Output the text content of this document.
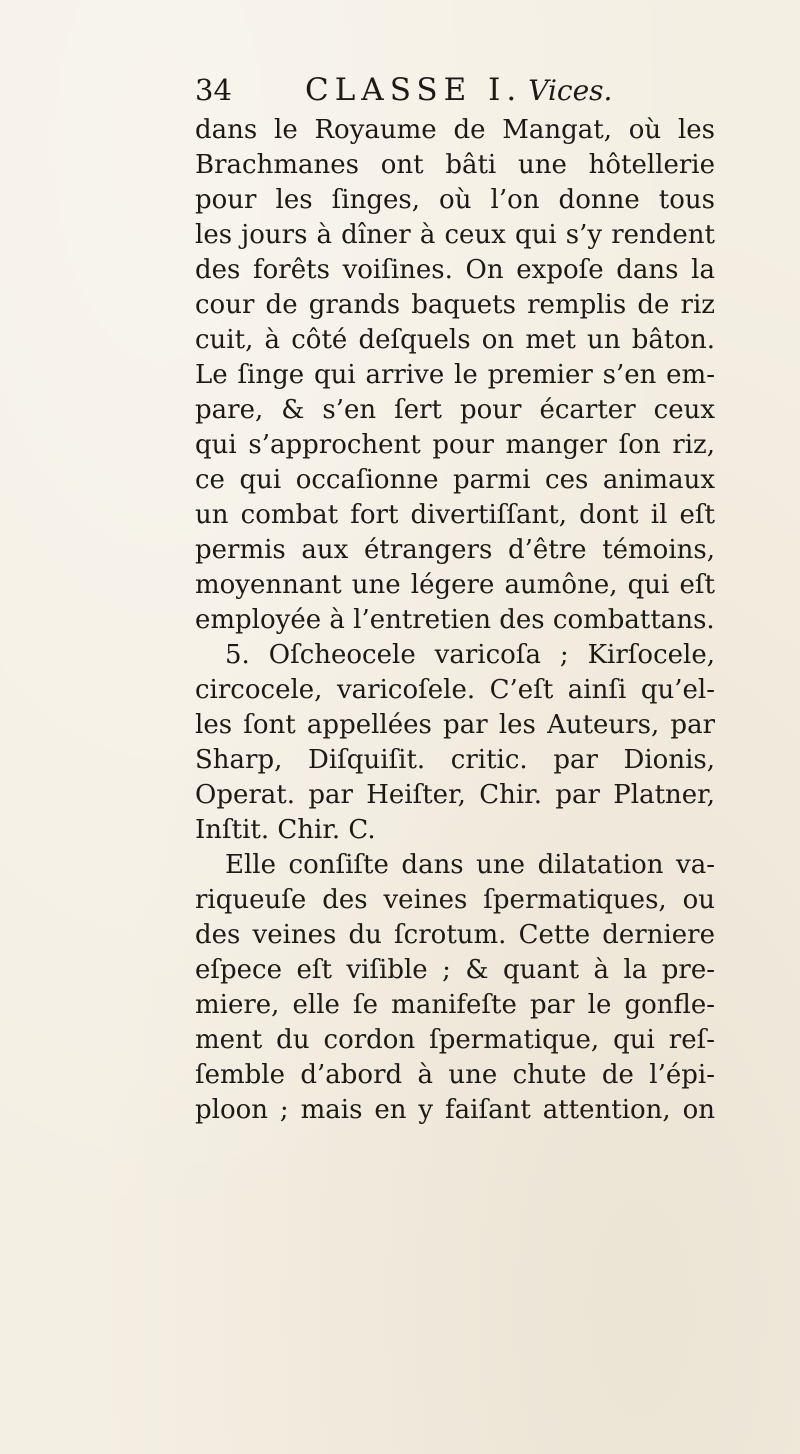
34 CLASSE I. Vices.
dans le Royaume de Mangat, où les
Brachmanes ont bâti une hôtellerie
pour les ſinges, où l’on donne tous
les jours à dîner à ceux qui s’y rendent
des forêts voiſines. On expoſe dans la
cour de grands baquets remplis de riz
cuit, à côté deſquels on met un bâton.
Le ſinge qui arrive le premier s’en em-
pare, & s’en ſert pour écarter ceux
qui s’approchent pour manger ſon riz,
ce qui occaſionne parmi ces animaux
un combat fort divertiſſant, dont il eſt
permis aux étrangers d’être témoins,
moyennant une légere aumône, qui eſt
employée à l’entretien des combattans.
5. Oſcheocele varicoſa ; Kirſocele,
circocele, varicoſele. C’eſt ainſi qu’el-
les ſont appellées par les Auteurs, par
Sharp, Diſquiſit. critic. par Dionis,
Operat. par Heiſter, Chir. par Platner,
Inſtit. Chir. C.
Elle conſiſte dans une dilatation va-
riqueuſe des veines ſpermatiques, ou
des veines du ſcrotum. Cette derniere
eſpece eſt viſible ; & quant à la pre-
miere, elle ſe manifeſte par le gonfle-
ment du cordon ſpermatique, qui reſ-
ſemble d’abord à une chute de l’épi-
ploon ; mais en y faiſant attention, on
